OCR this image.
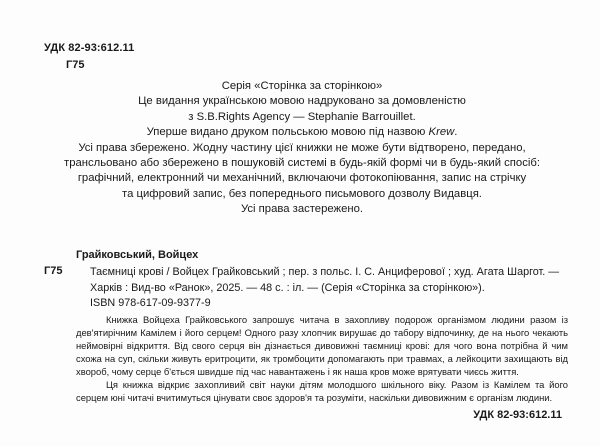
УДК 82-93:612.11
Г75

Серія «Сторінка за сторінкою»

Це видання українською мовою надруковано за домовленістю

з S.B.Rights Agency — Stephanie Barrouillet.

Уперше видано друком польською мовою під назвою Krew.

Усі права збережено. Жодну частину цієї книжки не може бути відтворено, передано,

трансльовано або збережено в пошуковій системі в будь-якій формі чи в будь-який спосіб:

графічний, електронний чи механічний, включаючи фотокопіювання, запис на стрічку

та цифровий запис, без попереднього письмового дозволу Видавця.

Усі права застережено.

Грайковський, Войцех
Г75	Таємниці крові / Войцех Грайковський ; пер. з польс. І. С. Анциферової ; худ. Агата Шаргот. —

Харків : Вид-во «Ранок», 2025. — 48 с. : іл. — (Серія «Сторінка за сторінкою»).

ISBN 978-617-09-9377-9

Книжка Войцеха Грайковського запрошує читача в захопливу подорож організмом людини разом із дев'ятирічним Камілем і його серцем! Одного разу хлопчик вирушає до табору відпочинку, де на нього чекають неймовірні відкриття. Від свого серця він дізнається дивовижні таємниці крові: для чого вона потрібна й чим схожа на суп, скільки живуть еритроцити, як тромбоцити допомагають при травмах, а лейкоцити захищають від хвороб, чому серце б'ється швидше під час навантажень і як наша кров може врятувати чиєсь життя.

Ця книжка відкриє захопливий світ науки дітям молодшого шкільного віку. Разом із Камілем та його серцем юні читачі вчитимуться цінувати своє здоров'я та розуміти, наскільки дивовижним є організм людини.

УДК 82-93:612.11
